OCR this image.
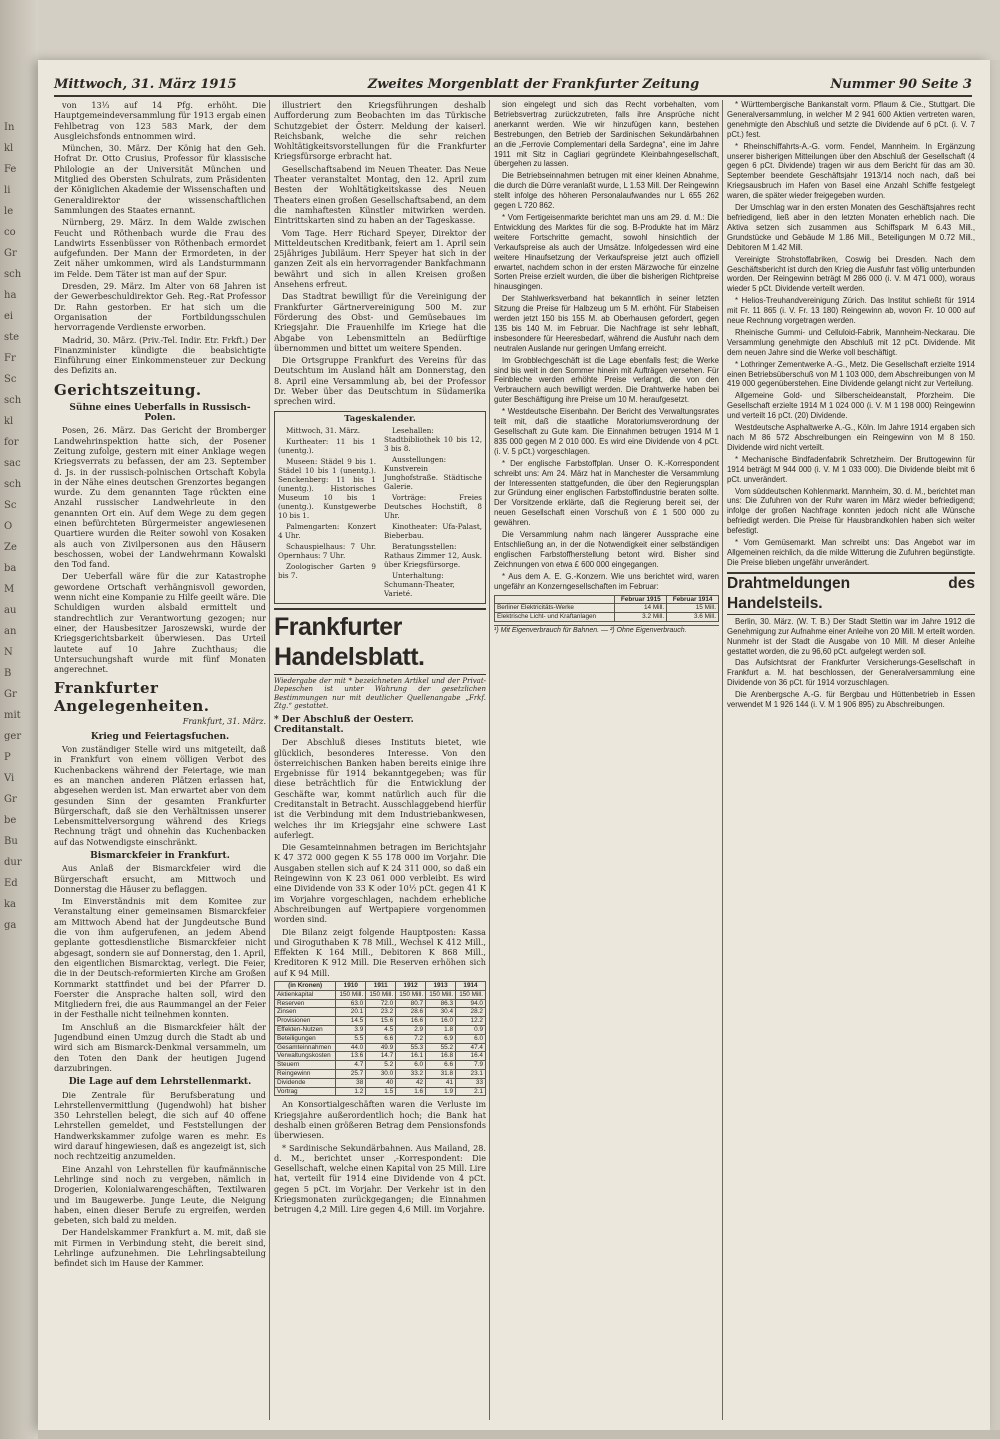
In
kl
Fe
li
le
co
Gr
sch
ha
ei
ste
Fr
Sc
sch
kl
for
sac
sch
Sc
O
Ze
ba
M
au
an
N
B
Gr
mit
ger
P
Vi
Gr
be
Bu
dur
Ed
ka
ga
Mittwoch, 31. März 1915	Zweites Morgenblatt der Frankfurter Zeitung	Nummer 90 Seite 3

von 13⅓ auf 14 Pfg. erhöht. Die Hauptgemeindeversammlung für 1913 ergab einen Fehlbetrag von 123 583 Mark, der dem Ausgleichsfonds entnommen wird.

München, 30. März. Der König hat den Geh. Hofrat Dr. Otto Crusius, Professor für klassische Philologie an der Universität München und Mitglied des Obersten Schulrats, zum Präsidenten der Königlichen Akademie der Wissenschaften und Generaldirektor der wissenschaftlichen Sammlungen des Staates ernannt.

Nürnberg, 29. März. In dem Walde zwischen Feucht und Röthenbach wurde die Frau des Landwirts Essenbüsser von Röthenbach ermordet aufgefunden. Der Mann der Ermordeten, in der Zeit näher umkommen, wird als Landsturmmann im Felde. Dem Täter ist man auf der Spur.

Dresden, 29. März. Im Alter von 68 Jahren ist der Gewerbeschuldirektor Geh. Reg.-Rat Professor Dr. Rahn gestorben. Er hat sich um die Organisation der Fortbildungsschulen hervorragende Verdienste erworben.

Madrid, 30. März. (Priv.-Tel. Indir. Etr. Frkft.) Der Finanzminister kündigte die beabsichtigte Einführung einer Einkommensteuer zur Deckung des Defizits an.

Gerichtszeitung.
Sühne eines Ueberfalls in Russisch-Polen.

Posen, 26. März. Das Gericht der Bromberger Landwehrinspektion hatte sich, der Posener Zeitung zufolge, gestern mit einer Anklage wegen Kriegsverrats zu befassen, der am 23. September d. Js. in der russisch-polnischen Ortschaft Kobyla in der Nähe eines deutschen Grenzortes begangen wurde. Zu dem genannten Tage rückten eine Anzahl russischer Landwehrleute in den genannten Ort ein. Auf dem Wege zu dem gegen einen befürchteten Bürgermeister angewiesenen Quartiere wurden die Reiter sowohl von Kosaken als auch von Zivilpersonen aus den Häusern beschossen, wobei der Landwehrmann Kowalski den Tod fand.

Der Ueberfall wäre für die zur Katastrophe gewordene Ortschaft verhängnisvoll geworden, wenn nicht eine Kompanie zu Hilfe geeilt wäre. Die Schuldigen wurden alsbald ermittelt und standrechtlich zur Verantwortung gezogen; nur einer, der Hausbesitzer Jaroszewski, wurde der Kriegsgerichtsbarkeit überwiesen. Das Urteil lautete auf 10 Jahre Zuchthaus; die Untersuchungshaft wurde mit fünf Monaten angerechnet.

Frankfurter Angelegenheiten.
Frankfurt, 31. März.
Krieg und Feiertagsfuchen.

Von zuständiger Stelle wird uns mitgeteilt, daß in Frankfurt von einem völligen Verbot des Kuchenbackens während der Feiertage, wie man es an manchen anderen Plätzen erlassen hat, abgesehen werden ist. Man erwartet aber von dem gesunden Sinn der gesamten Frankfurter Bürgerschaft, daß sie den Verhältnissen unserer Lebensmittelversorgung während des Kriegs Rechnung trägt und ohnehin das Kuchenbacken auf das Notwendigste einschränkt.

Bismarckfeier in Frankfurt.

Aus Anlaß der Bismarckfeier wird die Bürgerschaft ersucht, am Mittwoch und Donnerstag die Häuser zu beflaggen.

Im Einverständnis mit dem Komitee zur Veranstaltung einer gemeinsamen Bismarckfeier am Mittwoch Abend hat der Jungdeutsche Bund die von ihm aufgerufenen, an jedem Abend geplante gottesdienstliche Bismarckfeier nicht abgesagt, sondern sie auf Donnerstag, den 1. April, den eigentlichen Bismarcktag, verlegt. Die Feier, die in der Deutsch-reformierten Kirche am Großen Kornmarkt stattfindet und bei der Pfarrer D. Foerster die Ansprache halten soll, wird den Mitgliedern frei, die aus Raummangel an der Feier in der Festhalle nicht teilnehmen konnten.

Im Anschluß an die Bismarckfeier hält der Jugendbund einen Umzug durch die Stadt ab und wird sich am Bismarck-Denkmal versammeln, um den Toten den Dank der heutigen Jugend darzubringen.

Die Lage auf dem Lehrstellenmarkt.

Die Zentrale für Berufsberatung und Lehrstellenvermittlung (Jugendwohl) hat bisher 350 Lehrstellen belegt, die sich auf 40 offene Lehrstellen gemeldet, und Feststellungen der Handwerkskammer zufolge waren es mehr. Es wird darauf hingewiesen, daß es angezeigt ist, sich noch rechtzeitig anzumelden.

Eine Anzahl von Lehrstellen für kaufmännische Lehrlinge sind noch zu vergeben, nämlich in Drogerien, Kolonialwarengeschäften, Textilwaren und im Baugewerbe. Junge Leute, die Neigung haben, einen dieser Berufe zu ergreifen, werden gebeten, sich bald zu melden.

Der Handelskammer Frankfurt a. M. mit, daß sie mit Firmen in Verbindung steht, die bereit sind, Lehrlinge aufzunehmen. Die Lehrlingsabteilung befindet sich im Hause der Kammer.

illustriert den Kriegsführungen deshalb Aufforderung zum Beobachten im das Türkische Schutzgebiet der Österr. Meldung der kaiserl. Reichsbank, welche die sehr reichen Wohltätigkeitsvorstellungen für die Frankfurter Kriegsfürsorge erbracht hat.

Gesellschaftsabend im Neuen Theater. Das Neue Theater veranstaltet Montag, den 12. April zum Besten der Wohltätigkeitskasse des Neuen Theaters einen großen Gesellschaftsabend, an dem die namhaftesten Künstler mitwirken werden. Eintrittskarten sind zu haben an der Tageskasse.

Vom Tage. Herr Richard Speyer, Direktor der Mitteldeutschen Kreditbank, feiert am 1. April sein 25jähriges Jubiläum. Herr Speyer hat sich in der ganzen Zeit als ein hervorragender Bankfachmann bewährt und sich in allen Kreisen großen Ansehens erfreut.

Das Stadtrat bewilligt für die Vereinigung der Frankfurter Gärtnervereinigung 500 M. zur Förderung des Obst- und Gemüsebaues im Kriegsjahr. Die Frauenhilfe im Kriege hat die Abgabe von Lebensmitteln an Bedürftige übernommen und bittet um weitere Spenden.

Die Ortsgruppe Frankfurt des Vereins für das Deutschtum im Ausland hält am Donnerstag, den 8. April eine Versammlung ab, bei der Professor Dr. Weber über das Deutschtum in Südamerika sprechen wird.

Tageskalender.

Mittwoch, 31. März.

Kurtheater: 11 bis 1 (unentg.).

Museen: Städel 9 bis 1. Städel 10 bis 1 (unentg.). Senckenberg: 11 bis 1 (unentg.). Historisches Museum 10 bis 1 (unentg.). Kunstgewerbe 10 bis 1.

Palmengarten: Konzert 4 Uhr.

Schauspielhaus: 7 Uhr. Opernhaus: 7 Uhr.

Zoologischer Garten 9 bis 7.

Lesehallen: Stadtbibliothek 10 bis 12, 3 bis 8.

Ausstellungen: Kunstverein Junghofstraße. Städtische Galerie.

Vorträge: Freies Deutsches Hochstift, 8 Uhr.

Kinotheater: Ufa-Palast, Bieberbau.

Beratungsstellen: Rathaus Zimmer 12, Ausk. über Kriegsfürsorge.

Unterhaltung: Schumann-Theater, Varieté.

Frankfurter Handelsblatt.
Wiedergabe der mit * bezeichneten Artikel und der Privat-Depeschen ist unter Wahrung der gesetzlichen Bestimmungen nur mit deutlicher Quellenangabe „Frkf. Ztg.“ gestattet.
* Der Abschluß der Oesterr. Creditanstalt.

Der Abschluß dieses Instituts bietet, wie glücklich, besonderes Interesse. Von den österreichischen Banken haben bereits einige ihre Ergebnisse für 1914 bekanntgegeben; was für diese beträchtlich für die Entwicklung der Geschäfte war, kommt natürlich auch für die Creditanstalt in Betracht. Ausschlaggebend hierfür ist die Verbindung mit dem Industriebankwesen, welches ihr im Kriegsjahr eine schwere Last auferlegt.

Die Gesamteinnahmen betragen im Berichtsjahr K 47 372 000 gegen K 55 178 000 im Vorjahr. Die Ausgaben stellen sich auf K 24 311 000, so daß ein Reingewinn von K 23 061 000 verbleibt. Es wird eine Dividende von 33 K oder 10½ pCt. gegen 41 K im Vorjahre vorgeschlagen, nachdem erhebliche Abschreibungen auf Wertpapiere vorgenommen worden sind.

Die Bilanz zeigt folgende Hauptposten: Kassa und Giroguthaben K 78 Mill., Wechsel K 412 Mill., Effekten K 164 Mill., Debitoren K 868 Mill., Kreditoren K 912 Mill. Die Reserven erhöhen sich auf K 94 Mill.

(in Kronen)	1910	1911	1912	1913	1914
Aktienkapital	150 Mill.	150 Mill.	150 Mill.	150 Mill.	150 Mill.
Reserven	63.0	72.0	80.7	86.3	94.0
Zinsen	20.1	23.2	28.6	30.4	28.2
Provisionen	14.5	15.6	16.6	16.0	12.2
Effekten-Nutzen	3.9	4.5	2.9	1.8	0.9
Beteiligungen	5.5	6.6	7.2	6.9	6.0
Gesamteinnahmen	44.0	49.9	55.3	55.2	47.4
Verwaltungskosten	13.6	14.7	16.1	16.8	16.4
Steuern	4.7	5.2	6.0	6.6	7.9
Reingewinn	25.7	30.0	33.2	31.8	23.1
Dividende	38	40	42	41	33
Vortrag	1.2	1.5	1.6	1.9	2.1

An Konsortialgeschäften waren die Verluste im Kriegsjahre außerordentlich hoch; die Bank hat deshalb einen größeren Betrag dem Pensionsfonds überwiesen.

* Sardinische Sekundärbahnen. Aus Mailand, 28. d. M., berichtet unser ‚-Korrespondent: Die Gesellschaft, welche einen Kapital von 25 Mill. Lire hat, verteilt für 1914 eine Dividende von 4 pCt. gegen 5 pCt. im Vorjahr. Der Verkehr ist in den Kriegsmonaten zurückgegangen; die Einnahmen betrugen 4,2 Mill. Lire gegen 4,6 Mill. im Vorjahre.

sion eingelegt und sich das Recht vorbehalten, vom Betriebsvertrag zurückzutreten, falls ihre Ansprüche nicht anerkannt werden. Wie wir hinzufügen kann, bestehen Bestrebungen, den Betrieb der Sardinischen Sekundärbahnen an die „Ferrovie Complementari della Sardegna“, eine im Jahre 1911 mit Sitz in Cagliari gegründete Kleinbahngesellschaft, übergehen zu lassen.

Die Betriebseinnahmen betrugen mit einer kleinen Abnahme, die durch die Dürre veranlaßt wurde, L 1.53 Mill. Der Reingewinn stellt infolge des höheren Personalaufwandes nur L 655 262 gegen L 720 862.

* Vom Fertigeisenmarkte berichtet man uns am 29. d. M.: Die Entwicklung des Marktes für die sog. B-Produkte hat im März weitere Fortschritte gemacht, sowohl hinsichtlich der Verkaufspreise als auch der Umsätze. Infolgedessen wird eine weitere Hinaufsetzung der Verkaufspreise jetzt auch offiziell erwartet, nachdem schon in der ersten Märzwoche für einzelne Sorten Preise erzielt wurden, die über die bisherigen Richtpreise hinausgingen.

Der Stahlwerksverband hat bekanntlich in seiner letzten Sitzung die Preise für Halbzeug um 5 M. erhöht. Für Stabeisen werden jetzt 150 bis 155 M. ab Oberhausen gefordert, gegen 135 bis 140 M. im Februar. Die Nachfrage ist sehr lebhaft, insbesondere für Heeresbedarf, während die Ausfuhr nach dem neutralen Auslande nur geringen Umfang erreicht.

Im Grobblechgeschäft ist die Lage ebenfalls fest; die Werke sind bis weit in den Sommer hinein mit Aufträgen versehen. Für Feinbleche werden erhöhte Preise verlangt, die von den Verbrauchern auch bewilligt werden. Die Drahtwerke haben bei guter Beschäftigung ihre Preise um 10 M. heraufgesetzt.

* Westdeutsche Eisenbahn. Der Bericht des Verwaltungsrates teilt mit, daß die staatliche Moratoriumsverordnung der Gesellschaft zu Gute kam. Die Einnahmen betrugen 1914 M 1 835 000 gegen M 2 010 000. Es wird eine Dividende von 4 pCt. (i. V. 5 pCt.) vorgeschlagen.

* Der englische Farbstoffplan. Unser O. K.-Korrespondent schreibt uns: Am 24. März hat in Manchester die Versammlung der Interessenten stattgefunden, die über den Regierungsplan zur Gründung einer englischen Farbstoffindustrie beraten sollte. Der Vorsitzende erklärte, daß die Regierung bereit sei, der neuen Gesellschaft einen Vorschuß von £ 1 500 000 zu gewähren.

Die Versammlung nahm nach längerer Aussprache eine Entschließung an, in der die Notwendigkeit einer selbständigen englischen Farbstoffherstellung betont wird. Bisher sind Zeichnungen von etwa £ 600 000 eingegangen.

* Aus dem A. E. G.-Konzern. Wie uns berichtet wird, waren ungefähr an Konzerngesellschaften im Februar:

	Februar 1915	Februar 1914
Berliner Elektricitäts-Werke	14 Mill.	15 Mill.
Elektrische Licht- und Kraftanlagen	3.2 Mill.	3.6 Mill.
¹) Mit Eigenverbrauch für Bahnen. — ²) Ohne Eigenverbrauch.

* Württembergische Bankanstalt vorm. Pflaum & Cie., Stuttgart. Die Generalversammlung, in welcher M 2 941 600 Aktien vertreten waren, genehmigte den Abschluß und setzte die Dividende auf 6 pCt. (i. V. 7 pCt.) fest.

* Rheinschiffahrts-A.-G. vorm. Fendel, Mannheim. In Ergänzung unserer bisherigen Mitteilungen über den Abschluß der Gesellschaft (4 gegen 6 pCt. Dividende) tragen wir aus dem Bericht für das am 30. September beendete Geschäftsjahr 1913/14 noch nach, daß bei Kriegsausbruch im Hafen von Basel eine Anzahl Schiffe festgelegt waren, die später wieder freigegeben wurden.

Der Umschlag war in den ersten Monaten des Geschäftsjahres recht befriedigend, ließ aber in den letzten Monaten erheblich nach. Die Aktiva setzen sich zusammen aus Schiffspark M 6.43 Mill., Grundstücke und Gebäude M 1.86 Mill., Beteiligungen M 0.72 Mill., Debitoren M 1.42 Mill.

Vereinigte Strohstoffabriken, Coswig bei Dresden. Nach dem Geschäftsbericht ist durch den Krieg die Ausfuhr fast völlig unterbunden worden. Der Reingewinn beträgt M 286 000 (i. V. M 471 000), woraus wieder 5 pCt. Dividende verteilt werden.

* Helios-Treuhandvereinigung Zürich. Das Institut schließt für 1914 mit Fr. 11 865 (i. V. Fr. 13 180) Reingewinn ab, wovon Fr. 10 000 auf neue Rechnung vorgetragen werden.

Rheinische Gummi- und Celluloid-Fabrik, Mannheim-Neckarau. Die Versammlung genehmigte den Abschluß mit 12 pCt. Dividende. Mit dem neuen Jahre sind die Werke voll beschäftigt.

* Lothringer Zementwerke A.-G., Metz. Die Gesellschaft erzielte 1914 einen Betriebsüberschuß von M 1 103 000, dem Abschreibungen von M 419 000 gegenüberstehen. Eine Dividende gelangt nicht zur Verteilung.

Allgemeine Gold- und Silberscheideanstalt, Pforzheim. Die Gesellschaft erzielte 1914 M 1 024 000 (i. V. M 1 198 000) Reingewinn und verteilt 16 pCt. (20) Dividende.

Westdeutsche Asphaltwerke A.-G., Köln. Im Jahre 1914 ergaben sich nach M 86 572 Abschreibungen ein Reingewinn von M 8 150. Dividende wird nicht verteilt.

* Mechanische Bindfadenfabrik Schretzheim. Der Bruttogewinn für 1914 beträgt M 944 000 (i. V. M 1 033 000). Die Dividende bleibt mit 6 pCt. unverändert.

Vom süddeutschen Kohlenmarkt. Mannheim, 30. d. M., berichtet man uns: Die Zufuhren von der Ruhr waren im März wieder befriedigend; infolge der großen Nachfrage konnten jedoch nicht alle Wünsche befriedigt werden. Die Preise für Hausbrandkohlen haben sich weiter befestigt.

* Vom Gemüsemarkt. Man schreibt uns: Das Angebot war im Allgemeinen reichlich, da die milde Witterung die Zufuhren begünstigte. Die Preise blieben ungefähr unverändert.

Drahtmeldungen des Handelsteils.

Berlin, 30. März. (W. T. B.) Der Stadt Stettin war im Jahre 1912 die Genehmigung zur Aufnahme einer Anleihe von 20 Mill. M erteilt worden. Nunmehr ist der Stadt die Ausgabe von 10 Mill. M dieser Anleihe gestattet worden, die zu 96,60 pCt. aufgelegt werden soll.

Das Aufsichtsrat der Frankfurter Versicherungs-Gesellschaft in Frankfurt a. M. hat beschlossen, der Generalversammlung eine Dividende von 36 pCt. für 1914 vorzuschlagen.

Die Arenbergsche A.-G. für Bergbau und Hüttenbetrieb in Essen verwendet M 1 926 144 (i. V. M 1 906 895) zu Abschreibungen.
